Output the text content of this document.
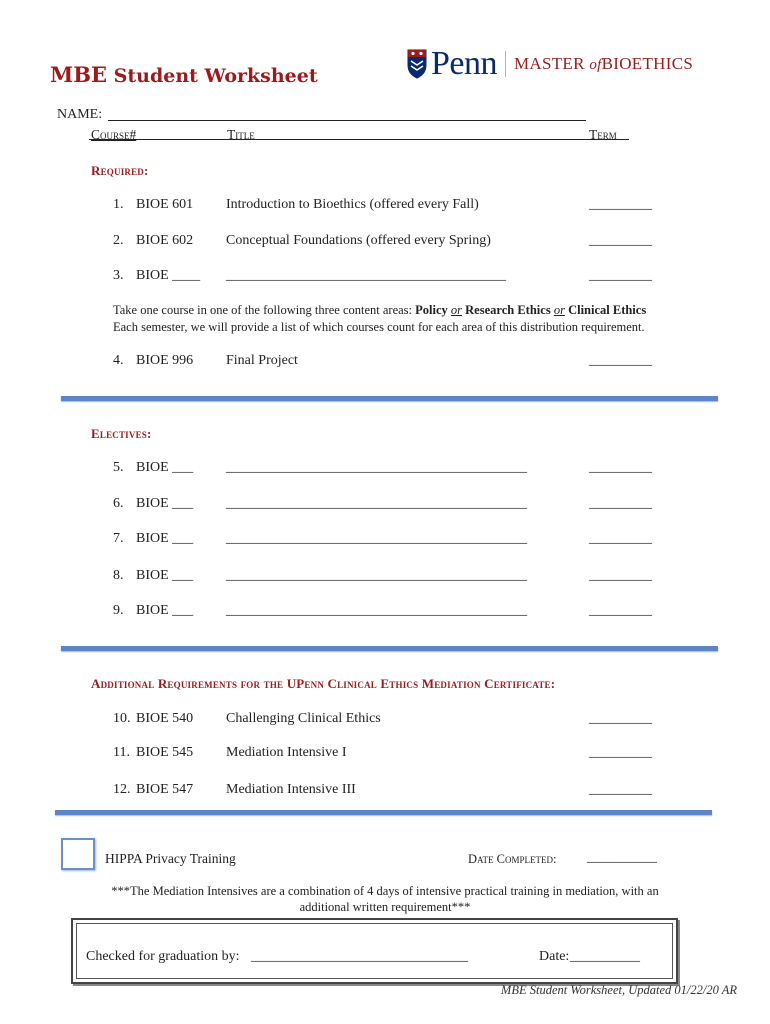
MBE Student Worksheet	Penn MASTER ofBIOETHICS
NAME:
Course#	Title	Term
Required:
1. BIOE 601 Introduction to Bioethics (offered every Fall)	_________
2. BIOE 602 Conceptual Foundations (offered every Spring)	_________
3. BIOE ____ ________________________________________	_________
Take one course in one of the following three content areas: Policy or Research Ethics or Clinical Ethics
Each semester, we will provide a list of which courses count for each area of this distribution requirement.
4. BIOE 996 Final Project	_________
Electives:
5. BIOE ___ ___________________________________________	_________
6. BIOE ___ ___________________________________________	_________
7. BIOE ___ ___________________________________________	_________
8. BIOE ___ ___________________________________________	_________
9. BIOE ___ ___________________________________________	_________
Additional Requirements for the UPenn Clinical Ethics Mediation Certificate:
10. BIOE 540 Challenging Clinical Ethics	_________
11. BIOE 545 Mediation Intensive I	_________
12. BIOE 547 Mediation Intensive III	_________
HIPPA Privacy Training	Date Completed: __________
***The Mediation Intensives are a combination of 4 days of intensive practical training in mediation, with an
additional written requirement***
Checked for graduation by: _______________________________	Date: __________
MBE Student Worksheet, Updated 01/22/20 AR
